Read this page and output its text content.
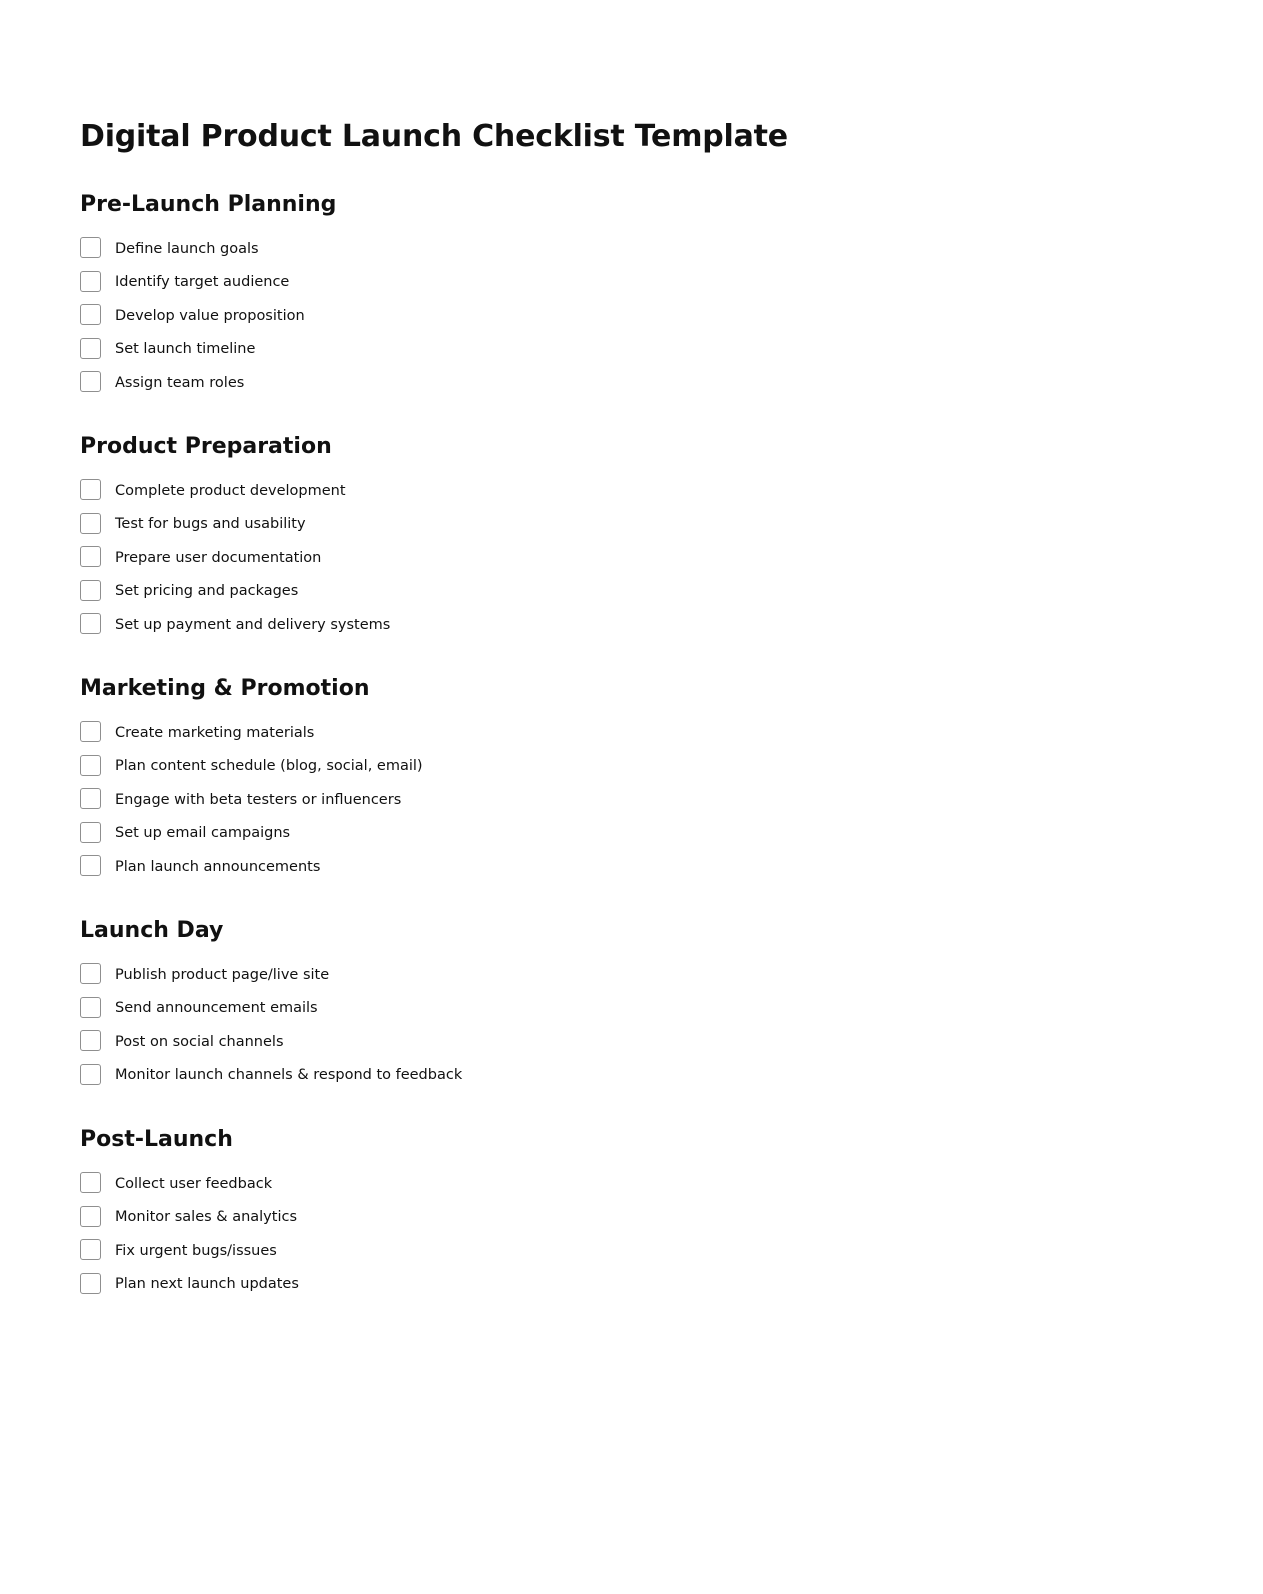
Digital Product Launch Checklist Template
Pre-Launch Planning
Define launch goals
Identify target audience
Develop value proposition
Set launch timeline
Assign team roles
Product Preparation
Complete product development
Test for bugs and usability
Prepare user documentation
Set pricing and packages
Set up payment and delivery systems
Marketing & Promotion
Create marketing materials
Plan content schedule (blog, social, email)
Engage with beta testers or influencers
Set up email campaigns
Plan launch announcements
Launch Day
Publish product page/live site
Send announcement emails
Post on social channels
Monitor launch channels & respond to feedback
Post-Launch
Collect user feedback
Monitor sales & analytics
Fix urgent bugs/issues
Plan next launch updates
